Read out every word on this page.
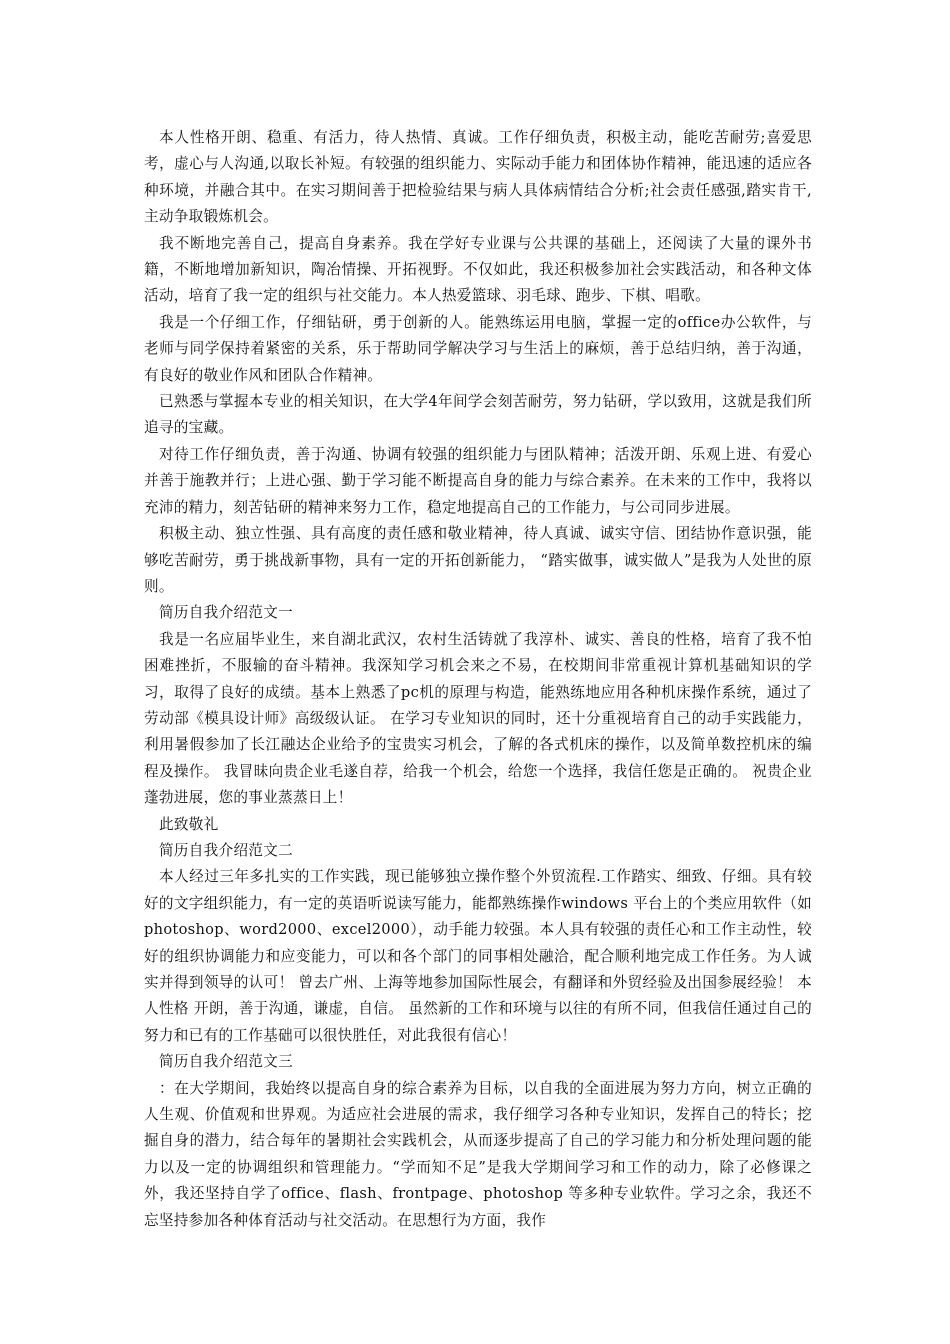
本人性格开朗、稳重、有活力，待人热情、真诚。工作仔细负责，积极主动，能吃苦耐劳;喜爱思考，虚心与人沟通,以取长补短。有较强的组织能力、实际动手能力和团体协作精神，能迅速的适应各种环境，并融合其中。在实习期间善于把检验结果与病人具体病情结合分析;社会责任感强,踏实肯干,主动争取锻炼机会。

我不断地完善自己，提高自身素养。我在学好专业课与公共课的基础上，还阅读了大量的课外书籍，不断地增加新知识，陶冶情操、开拓视野。不仅如此，我还积极参加社会实践活动，和各种文体活动，培育了我一定的组织与社交能力。本人热爱篮球、羽毛球、跑步、下棋、唱歌。

我是一个仔细工作，仔细钻研，勇于创新的人。能熟练运用电脑，掌握一定的office办公软件，与老师与同学保持着紧密的关系，乐于帮助同学解决学习与生活上的麻烦，善于总结归纳，善于沟通，有良好的敬业作风和团队合作精神。

已熟悉与掌握本专业的相关知识，在大学4年间学会刻苦耐劳，努力钻研，学以致用，这就是我们所追寻的宝藏。

对待工作仔细负责，善于沟通、协调有较强的组织能力与团队精神；活泼开朗、乐观上进、有爱心并善于施教并行；上进心强、勤于学习能不断提高自身的能力与综合素养。在未来的工作中，我将以充沛的精力，刻苦钻研的精神来努力工作，稳定地提高自己的工作能力，与公司同步进展。

积极主动、独立性强、具有高度的责任感和敬业精神，待人真诚、诚实守信、团结协作意识强，能够吃苦耐劳，勇于挑战新事物，具有一定的开拓创新能力， “踏实做事，诚实做人”是我为人处世的原则。

简历自我介绍范文一

我是一名应届毕业生，来自湖北武汉，农村生活铸就了我淳朴、诚实、善良的性格，培育了我不怕困难挫折，不服输的奋斗精神。我深知学习机会来之不易，在校期间非常重视计算机基础知识的学习，取得了良好的成绩。基本上熟悉了pc机的原理与构造，能熟练地应用各种机床操作系统，通过了劳动部《模具设计师》高级级认证。 在学习专业知识的同时，还十分重视培育自己的动手实践能力，利用暑假参加了长江融达企业给予的宝贵实习机会，了解的各式机床的操作，以及简单数控机床的编程及操作。 我冒昧向贵企业毛遂自荐，给我一个机会，给您一个选择，我信任您是正确的。 祝贵企业蓬勃进展，您的事业蒸蒸日上！

此致敬礼

简历自我介绍范文二

本人经过三年多扎实的工作实践，现已能够独立操作整个外贸流程.工作踏实、细致、仔细。具有较好的文字组织能力，有一定的英语听说读写能力，能都熟练操作windows 平台上的个类应用软件（如photoshop、word2000、excel2000），动手能力较强。本人具有较强的责任心和工作主动性，较好的组织协调能力和应变能力，可以和各个部门的同事相处融洽，配合顺利地完成工作任务。为人诚实并得到领导的认可！ 曾去广州、上海等地参加国际性展会，有翻译和外贸经验及出国参展经验！ 本人性格 开朗，善于沟通，谦虚，自信。 虽然新的工作和环境与以往的有所不同，但我信任通过自己的努力和已有的工作基础可以很快胜任，对此我很有信心！

简历自我介绍范文三

：在大学期间，我始终以提高自身的综合素养为目标，以自我的全面进展为努力方向，树立正确的人生观、价值观和世界观。为适应社会进展的需求，我仔细学习各种专业知识，发挥自己的特长；挖掘自身的潜力，结合每年的暑期社会实践机会，从而逐步提高了自己的学习能力和分析处理问题的能力以及一定的协调组织和管理能力。“学而知不足”是我大学期间学习和工作的动力，除了必修课之外，我还坚持自学了office、flash、frontpage、photoshop 等多种专业软件。学习之余，我还不忘坚持参加各种体育活动与社交活动。在思想行为方面，我作
